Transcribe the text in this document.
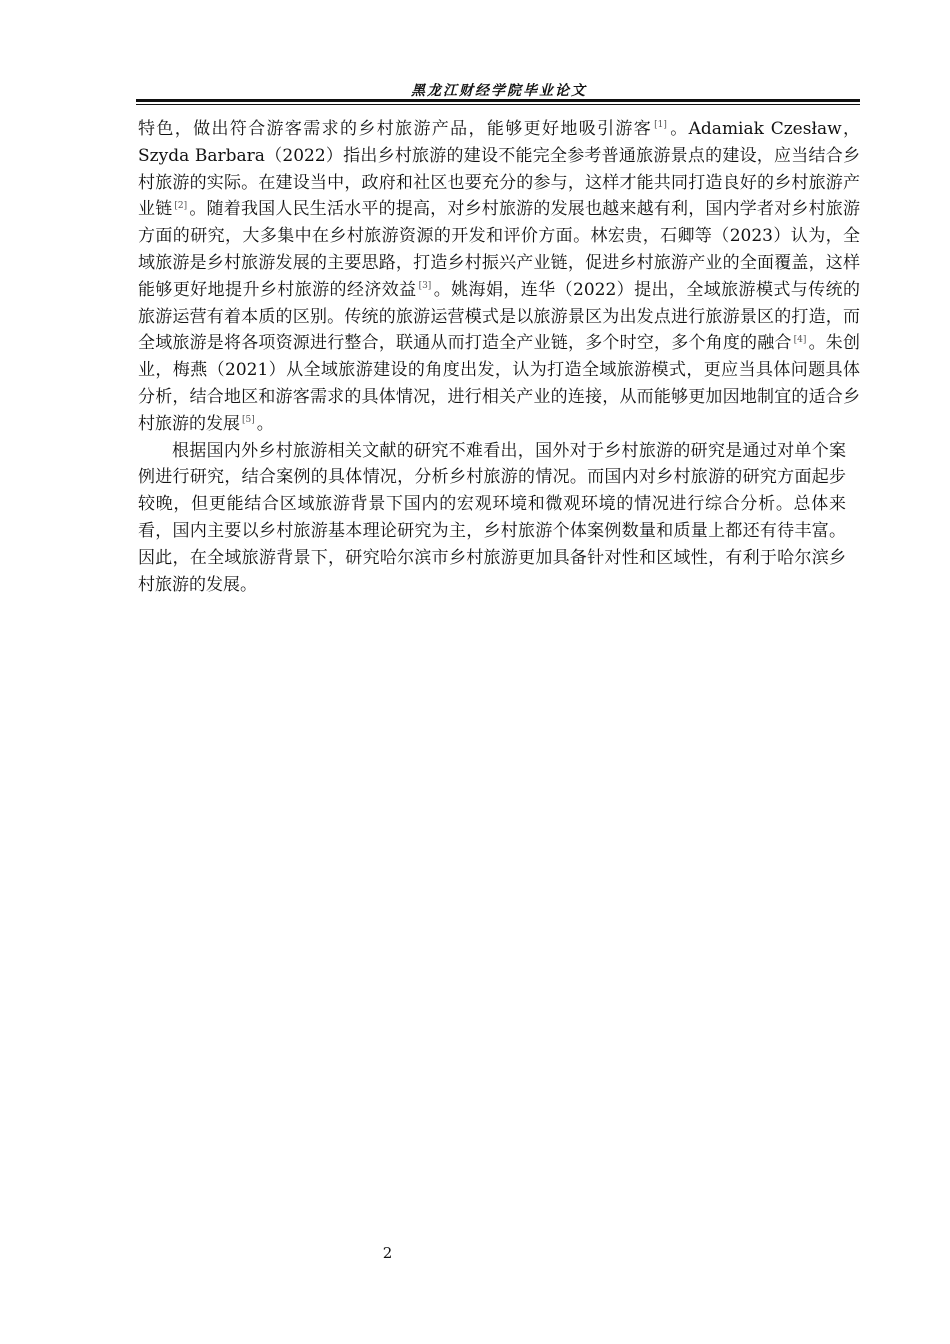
黑龙江财经学院毕业论文

特色，做出符合游客需求的乡村旅游产品，能够更好地吸引游客 [1] 。Adamiak Czesław，Szyda Barbara（2022）指出乡村旅游的建设不能完全参考普通旅游景点的建设，应当结合乡村旅游的实际。在建设当中，政府和社区也要充分的参与，这样才能共同打造良好的乡村旅游产业链 [2] 。随着我国人民生活水平的提高，对乡村旅游的发展也越来越有利，国内学者对乡村旅游方面的研究，大多集中在乡村旅游资源的开发和评价方面。林宏贵，石卿等（2023）认为，全域旅游是乡村旅游发展的主要思路，打造乡村振兴产业链，促进乡村旅游产业的全面覆盖，这样能够更好地提升乡村旅游的经济效益 [3] 。姚海娟，连华（2022）提出，全域旅游模式与传统的旅游运营有着本质的区别。传统的旅游运营模式是以旅游景区为出发点进行旅游景区的打造，而全域旅游是将各项资源进行整合，联通从而打造全产业链，多个时空，多个角度的融合 [4] 。朱创业，梅燕（2021）从全域旅游建设的角度出发，认为打造全域旅游模式，更应当具体问题具体分析，结合地区和游客需求的具体情况，进行相关产业的连接，从而能够更加因地制宜的适合乡村旅游的发展 [5] 。

根据国内外乡村旅游相关文献的研究不难看出，国外对于乡村旅游的研究是通过对单个案例进行研究，结合案例的具体情况，分析乡村旅游的情况。而国内对乡村旅游的研究方面起步较晚，但更能结合区域旅游背景下国内的宏观环境和微观环境的情况进行综合分析。总体来看，国内主要以乡村旅游基本理论研究为主，乡村旅游个体案例数量和质量上都还有待丰富。因此，在全域旅游背景下，研究哈尔滨市乡村旅游更加具备针对性和区域性，有利于哈尔滨乡村旅游的发展。

2
